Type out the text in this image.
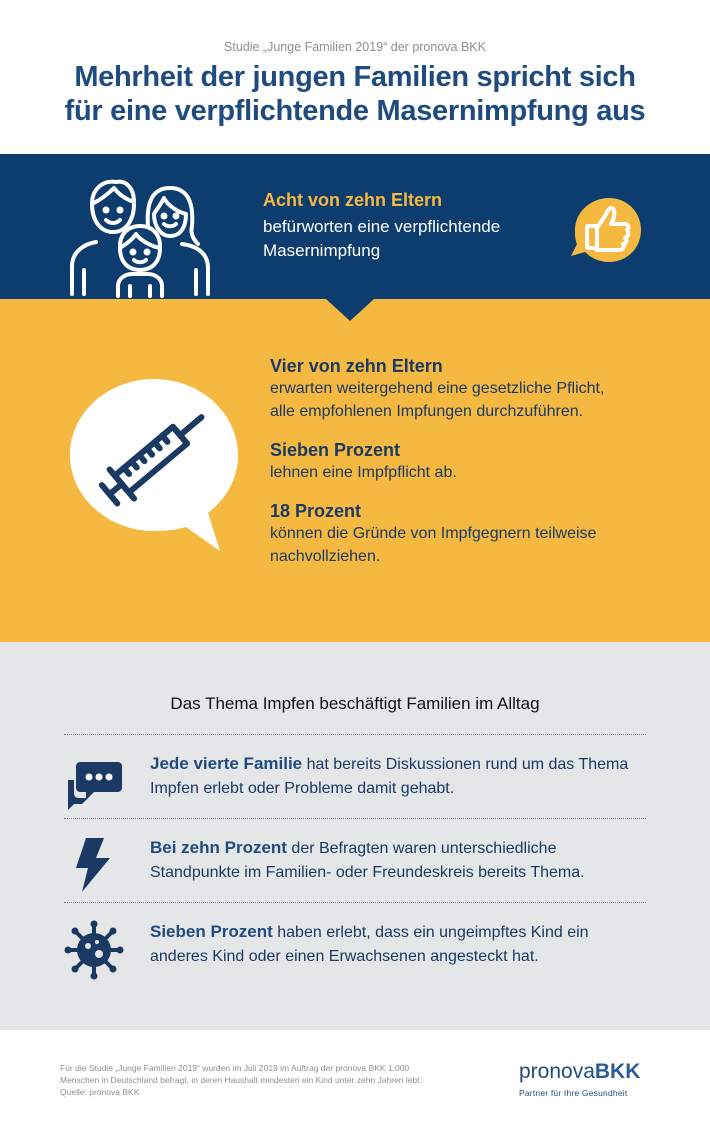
Studie „Junge Familien 2019“ der pronova BKK
Mehrheit der jungen Familien spricht sich
für eine verpflichtende Masernimpfung aus
Acht von zehn Eltern
befürworten eine verpflichtende
Masernimpfung
Vier von zehn Eltern
erwarten weitergehend eine gesetzliche Pflicht,
alle empfohlenen Impfungen durchzuführen.
Sieben Prozent
lehnen eine Impfpflicht ab.
18 Prozent
können die Gründe von Impfgegnern teilweise
nachvollziehen.
Das Thema Impfen beschäftigt Familien im Alltag
Jede vierte Familie hat bereits Diskussionen rund um das Thema Impfen erlebt oder Probleme damit gehabt.
Bei zehn Prozent der Befragten waren unterschiedliche Standpunkte im Familien- oder Freundeskreis bereits Thema.
Sieben Prozent haben erlebt, dass ein ungeimpftes Kind ein anderes Kind oder einen Erwachsenen angesteckt hat.
Für die Studie „Junge Familien 2019“ wurden im Juli 2019 im Auftrag der pronova BKK 1.000
Menschen in Deutschland befragt, in deren Haushalt mindesten ein Kind unter zehn Jahren lebt.
Quelle: pronova BKK
pronovaBKK
Partner für Ihre Gesundheit
